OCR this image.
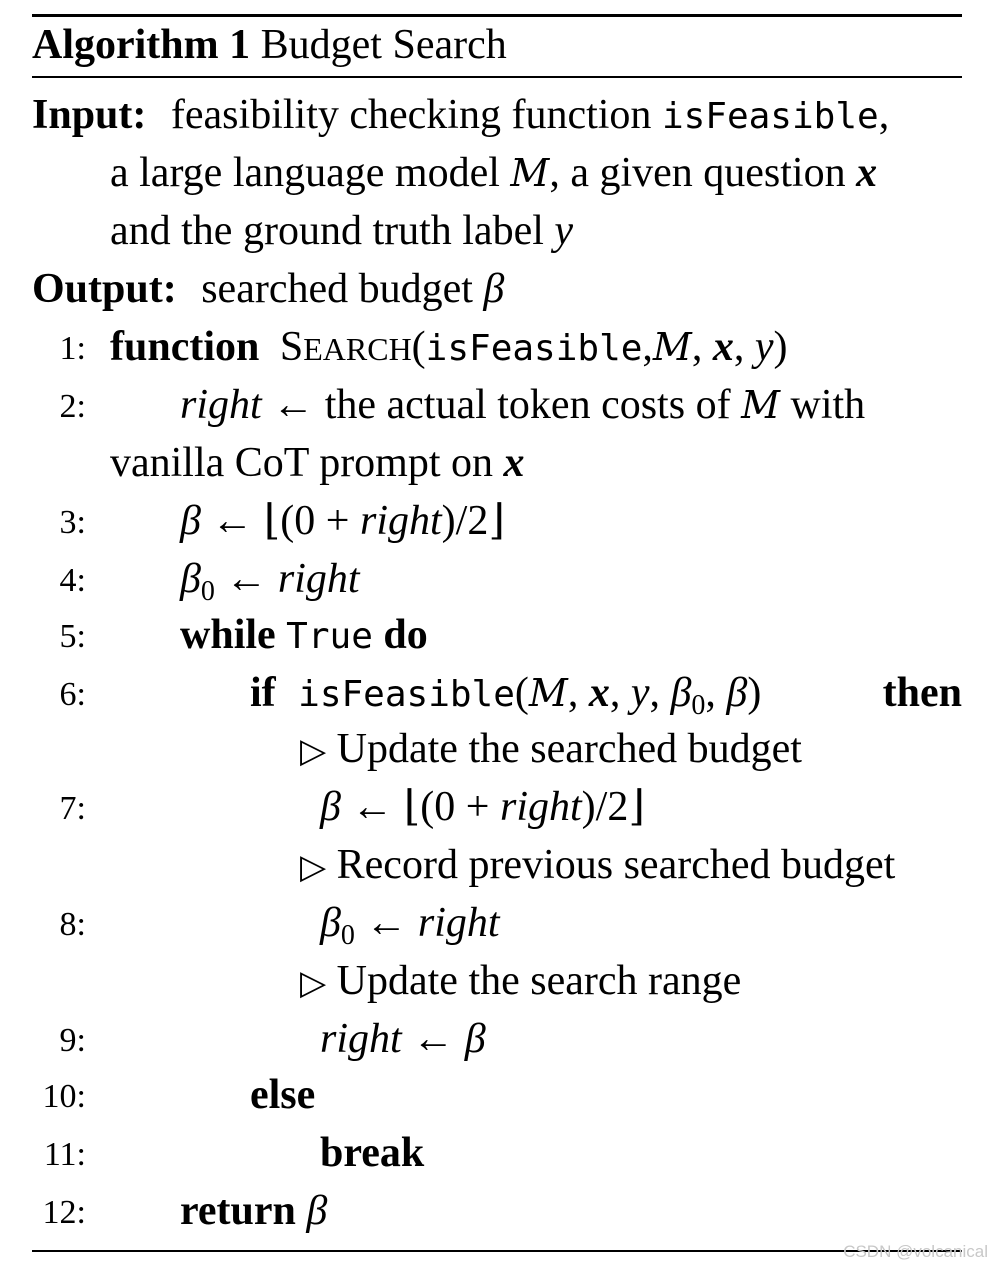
Algorithm 1 Budget Search
Input: feasibility checking function isFeasible,
a large language model M, a given question x
and the ground truth label y
Output: searched budget β
1: function SEARCH(isFeasible,M, x, y)
2: right ← the actual token costs of M with
vanilla CoT prompt on x
3: β ← ⌊(0 + right)/2⌋
4: $\beta_0$ ← right
5: while True do
6:	if isFeasible(M, x, y, $\beta_0$, β)	then
▷ Update the searched budget
7:	β ← ⌊(0 + right)/2⌋
▷ Record previous searched budget
8:	$\beta_0$ ← right
▷ Update the search range
9:	right ← β
10:	else
11:	break
12: return β
CSDN @volcanical
